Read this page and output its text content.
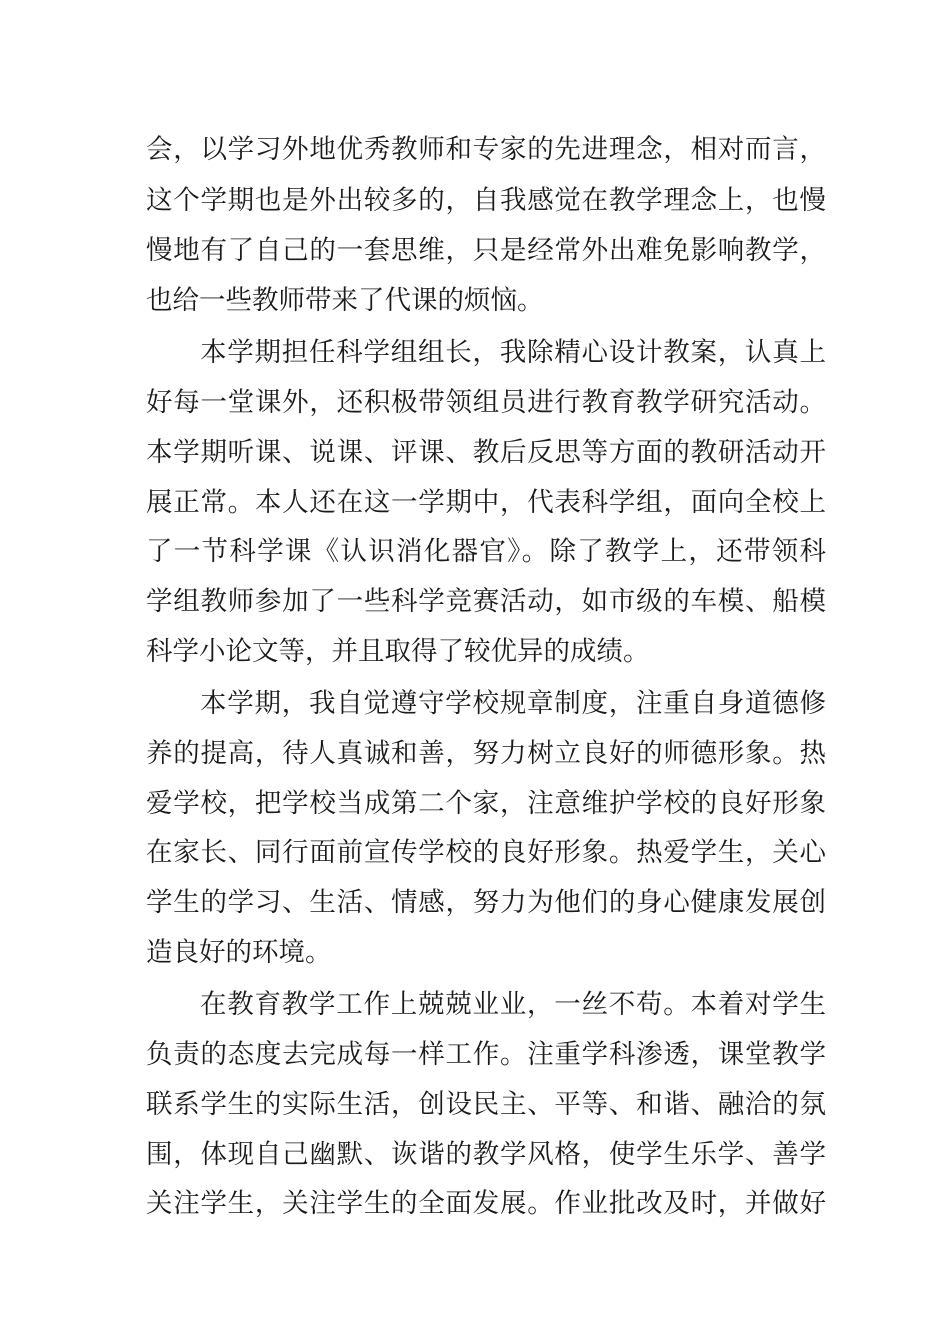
会，以学习外地优秀教师和专家的先进理念，相对而言，
这个学期也是外出较多的，自我感觉在教学理念上，也慢
慢地有了自己的一套思维，只是经常外出难免影响教学，
也给一些教师带来了代课的烦恼。
本学期担任科学组组长，我除精心设计教案，认真上
好每一堂课外，还积极带领组员进行教育教学研究活动。
本学期听课、说课、评课、教后反思等方面的教研活动开
展正常。本人还在这一学期中，代表科学组，面向全校上
了一节科学课《认识消化器官》。除了教学上，还带领科
学组教师参加了一些科学竞赛活动，如市级的车模、船模
科学小论文等，并且取得了较优异的成绩。
本学期，我自觉遵守学校规章制度，注重自身道德修
养的提高，待人真诚和善，努力树立良好的师德形象。热
爱学校，把学校当成第二个家，注意维护学校的良好形象
在家长、同行面前宣传学校的良好形象。热爱学生，关心
学生的学习、生活、情感，努力为他们的身心健康发展创
造良好的环境。
在教育教学工作上兢兢业业，一丝不苟。本着对学生
负责的态度去完成每一样工作。注重学科渗透，课堂教学
联系学生的实际生活，创设民主、平等、和谐、融洽的氛
围，体现自己幽默、诙谐的教学风格，使学生乐学、善学
关注学生，关注学生的全面发展。作业批改及时，并做好
